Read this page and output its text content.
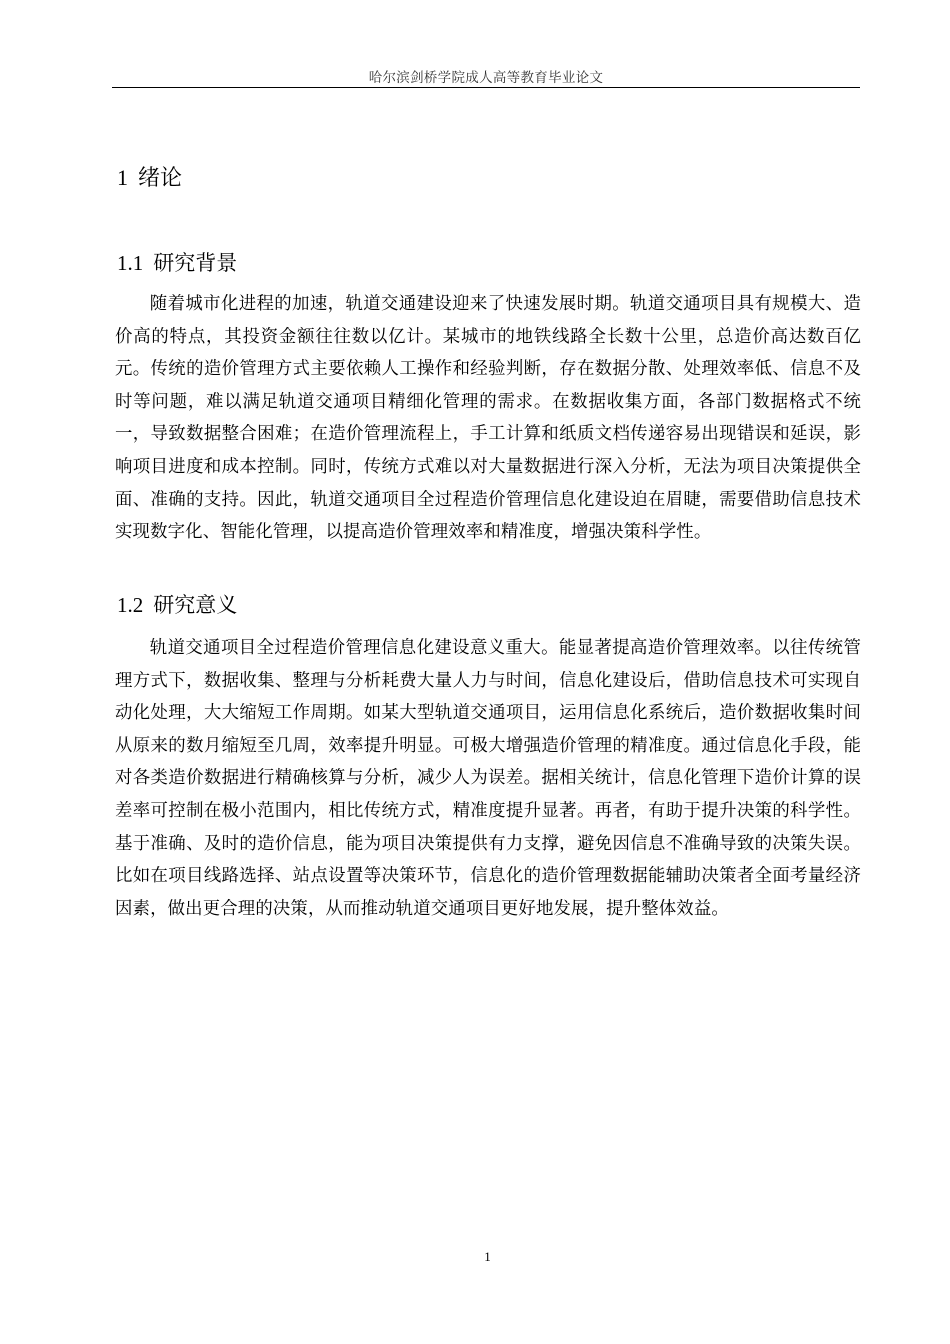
哈尔滨剑桥学院成人高等教育毕业论文
1 绪论
1.1 研究背景

随着城市化进程的加速，轨道交通建设迎来了快速发展时期。轨道交通项目具有规模大、造价高的特点，其投资金额往往数以亿计。某城市的地铁线路全长数十公里，总造价高达数百亿元。传统的造价管理方式主要依赖人工操作和经验判断，存在数据分散、处理效率低、信息不及时等问题，难以满足轨道交通项目精细化管理的需求。在数据收集方面，各部门数据格式不统一，导致数据整合困难；在造价管理流程上，手工计算和纸质文档传递容易出现错误和延误，影响项目进度和成本控制。同时，传统方式难以对大量数据进行深入分析，无法为项目决策提供全面、准确的支持。因此，轨道交通项目全过程造价管理信息化建设迫在眉睫，需要借助信息技术实现数字化、智能化管理，以提高造价管理效率和精准度，增强决策科学性。

1.2 研究意义

轨道交通项目全过程造价管理信息化建设意义重大。能显著提高造价管理效率。以往传统管理方式下，数据收集、整理与分析耗费大量人力与时间，信息化建设后，借助信息技术可实现自动化处理，大大缩短工作周期。如某大型轨道交通项目，运用信息化系统后，造价数据收集时间从原来的数月缩短至几周，效率提升明显。可极大增强造价管理的精准度。通过信息化手段，能对各类造价数据进行精确核算与分析，减少人为误差。据相关统计，信息化管理下造价计算的误差率可控制在极小范围内，相比传统方式，精准度提升显著。再者，有助于提升决策的科学性。基于准确、及时的造价信息，能为项目决策提供有力支撑，避免因信息不准确导致的决策失误。比如在项目线路选择、站点设置等决策环节，信息化的造价管理数据能辅助决策者全面考量经济因素，做出更合理的决策，从而推动轨道交通项目更好地发展，提升整体效益。

1
